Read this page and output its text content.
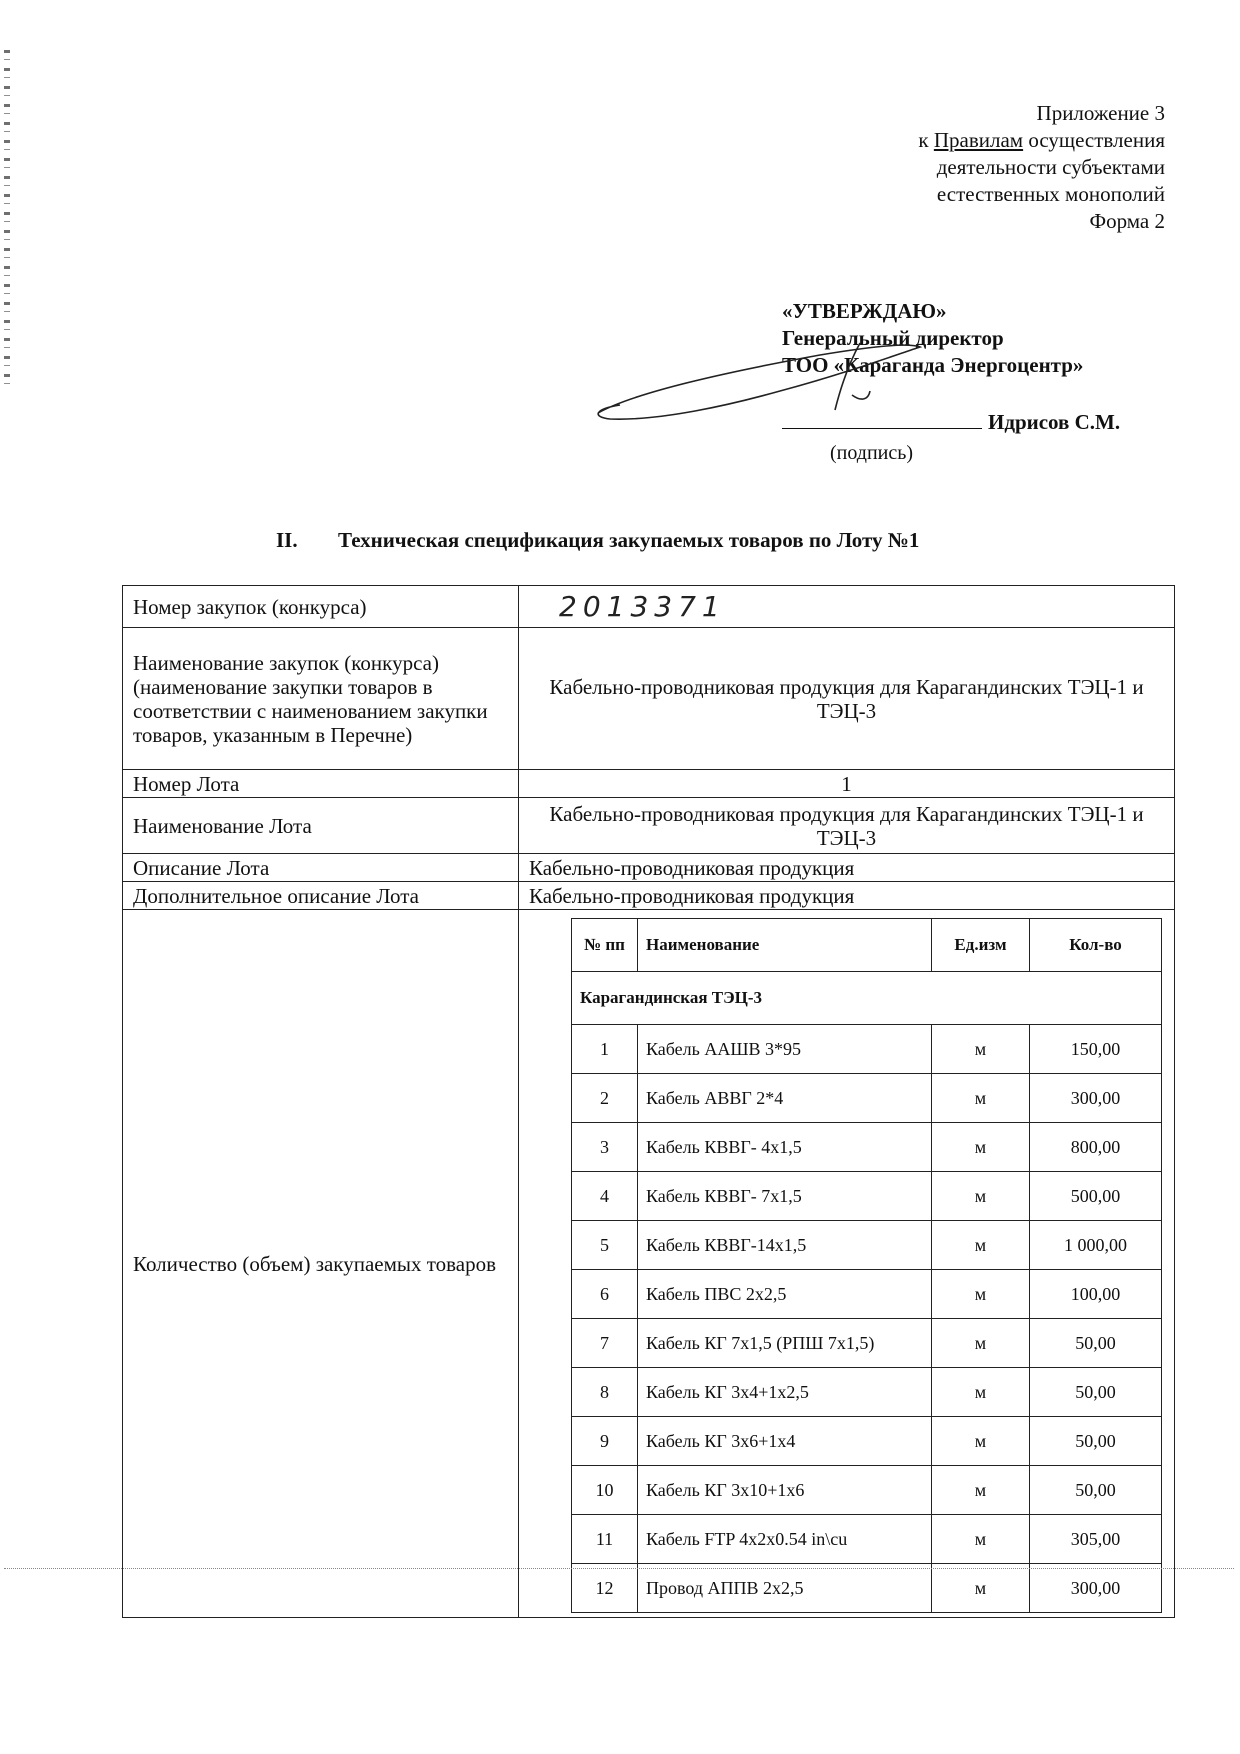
Приложение 3
к Правилам осуществления
деятельности субъектами
естественных монополий
Форма 2
«УТВЕРЖДАЮ»
Генеральный директор
ТОО «Караганда Энергоцентр»
Идрисов С.М.
(подпись)
II. Техническая спецификация закупаемых товаров по Лоту №1
Номер закупок (конкурса)	2013371
Наименование закупок (конкурса) (наименование закупки товаров в соответствии с наименованием закупки товаров, указанным в Перечне)	Кабельно-проводниковая продукция для Карагандинских ТЭЦ-1 и ТЭЦ-3
Номер Лота	1
Наименование Лота	Кабельно-проводниковая продукция для Карагандинских ТЭЦ-1 и ТЭЦ-3
Описание Лота	Кабельно-проводниковая продукция
Дополнительное описание Лота	Кабельно-проводниковая продукция
Количество (объем) закупаемых товаров	
№ пп	Наименование	Ед.изм	Кол-во
Карагандинская ТЭЦ-3			
1	Кабель ААШВ 3*95	м	150,00
2	Кабель АВВГ 2*4	м	300,00
3	Кабель КВВГ- 4х1,5	м	800,00
4	Кабель КВВГ- 7х1,5	м	500,00
5	Кабель КВВГ-14х1,5	м	1 000,00
6	Кабель ПВС 2х2,5	м	100,00
7	Кабель КГ 7х1,5 (РПШ 7х1,5)	м	50,00
8	Кабель КГ 3х4+1х2,5	м	50,00
9	Кабель КГ 3х6+1х4	м	50,00
10	Кабель КГ 3х10+1х6	м	50,00
11	Кабель FTP 4x2x0.54 in\cu	м	305,00
12	Провод АППВ 2х2,5	м	300,00
